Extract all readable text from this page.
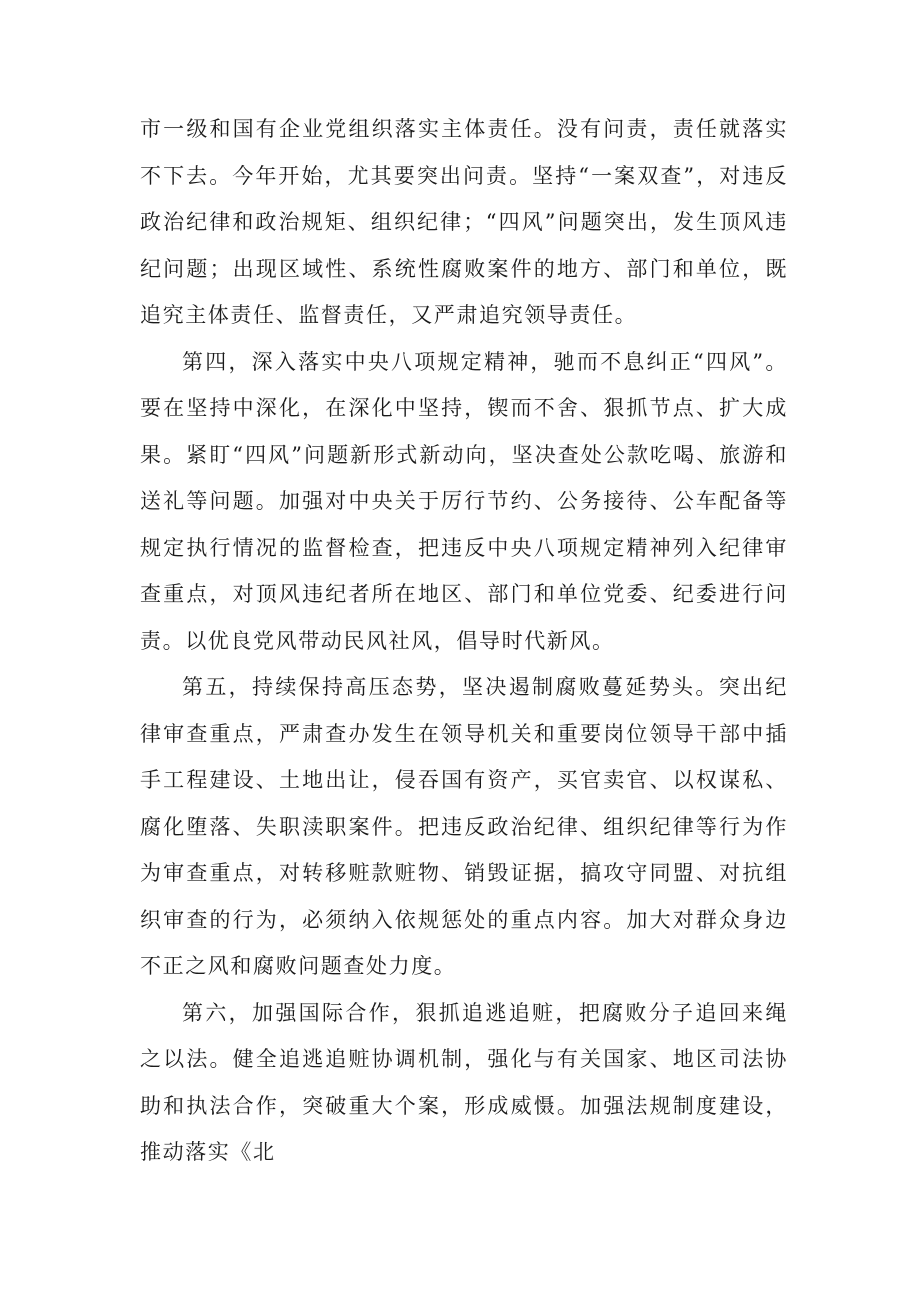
市一级和国有企业党组织落实主体责任。没有问责，责任就落实不下去。今年开始，尤其要突出问责。坚持“一案双查”，对违反政治纪律和政治规矩、组织纪律；“四风”问题突出，发生顶风违纪问题；出现区域性、系统性腐败案件的地方、部门和单位，既追究主体责任、监督责任，又严肃追究领导责任。

第四，深入落实中央八项规定精神，驰而不息纠正“四风”。要在坚持中深化，在深化中坚持，锲而不舍、狠抓节点、扩大成果。紧盯“四风”问题新形式新动向，坚决查处公款吃喝、旅游和送礼等问题。加强对中央关于厉行节约、公务接待、公车配备等规定执行情况的监督检查，把违反中央八项规定精神列入纪律审查重点，对顶风违纪者所在地区、部门和单位党委、纪委进行问责。以优良党风带动民风社风，倡导时代新风。

第五，持续保持高压态势，坚决遏制腐败蔓延势头。突出纪律审查重点，严肃查办发生在领导机关和重要岗位领导干部中插手工程建设、土地出让，侵吞国有资产，买官卖官、以权谋私、腐化堕落、失职渎职案件。把违反政治纪律、组织纪律等行为作为审查重点，对转移赃款赃物、销毁证据，搞攻守同盟、对抗组织审查的行为，必须纳入依规惩处的重点内容。加大对群众身边不正之风和腐败问题查处力度。

第六，加强国际合作，狠抓追逃追赃，把腐败分子追回来绳之以法。健全追逃追赃协调机制，强化与有关国家、地区司法协助和执法合作，突破重大个案，形成威慑。加强法规制度建设，推动落实《北
